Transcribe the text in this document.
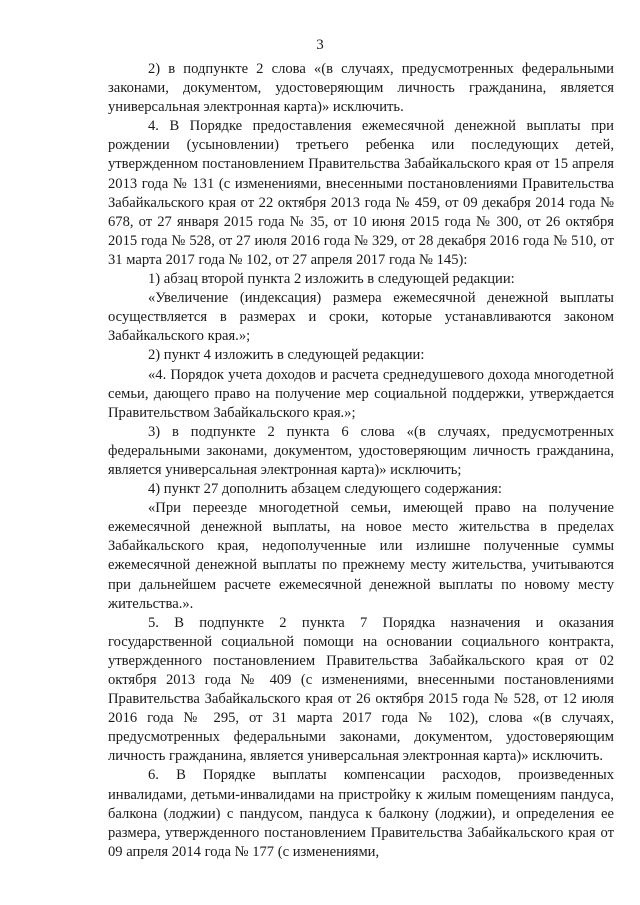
3

2) в подпункте 2 слова «(в случаях, предусмотренных федеральными законами, документом, удостоверяющим личность гражданина, является универсальная электронная карта)» исключить.

4. В Порядке предоставления ежемесячной денежной выплаты при рождении (усыновлении) третьего ребенка или последующих детей, утвержденном постановлением Правительства Забайкальского края от 15 апреля 2013 года № 131 (с изменениями, внесенными постановлениями Правительства Забайкальского края от 22 октября 2013 года № 459, от 09 декабря 2014 года № 678, от 27 января 2015 года № 35, от 10 июня 2015 года № 300, от 26 октября 2015 года № 528, от 27 июля 2016 года № 329, от 28 декабря 2016 года № 510, от 31 марта 2017 года № 102, от 27 апреля 2017 года № 145):

1) абзац второй пункта 2 изложить в следующей редакции:

«Увеличение (индексация) размера ежемесячной денежной выплаты осуществляется в размерах и сроки, которые устанавливаются законом Забайкальского края.»;

2) пункт 4 изложить в следующей редакции:

«4. Порядок учета доходов и расчета среднедушевого дохода многодетной семьи, дающего право на получение мер социальной поддержки, утверждается Правительством Забайкальского края.»;

3) в подпункте 2 пункта 6 слова «(в случаях, предусмотренных федеральными законами, документом, удостоверяющим личность гражданина, является универсальная электронная карта)» исключить;

4) пункт 27 дополнить абзацем следующего содержания:

«При переезде многодетной семьи, имеющей право на получение ежемесячной денежной выплаты, на новое место жительства в пределах Забайкальского края, недополученные или излишне полученные суммы ежемесячной денежной выплаты по прежнему месту жительства, учитываются при дальнейшем расчете ежемесячной денежной выплаты по новому месту жительства.».

5. В подпункте 2 пункта 7 Порядка назначения и оказания государственной социальной помощи на основании социального контракта, утвержденного постановлением Правительства Забайкальского края от 02 октября 2013 года № 409 (с изменениями, внесенными постановлениями Правительства Забайкальского края от 26 октября 2015 года № 528, от 12 июля 2016 года № 295, от 31 марта 2017 года № 102), слова «(в случаях, предусмотренных федеральными законами, документом, удостоверяющим личность гражданина, является универсальная электронная карта)» исключить.

6. В Порядке выплаты компенсации расходов, произведенных инвалидами, детьми-инвалидами на пристройку к жилым помещениям пандуса, балкона (лоджии) с пандусом, пандуса к балкону (лоджии), и определения ее размера, утвержденного постановлением Правительства Забайкальского края от 09 апреля 2014 года № 177 (с изменениями,
